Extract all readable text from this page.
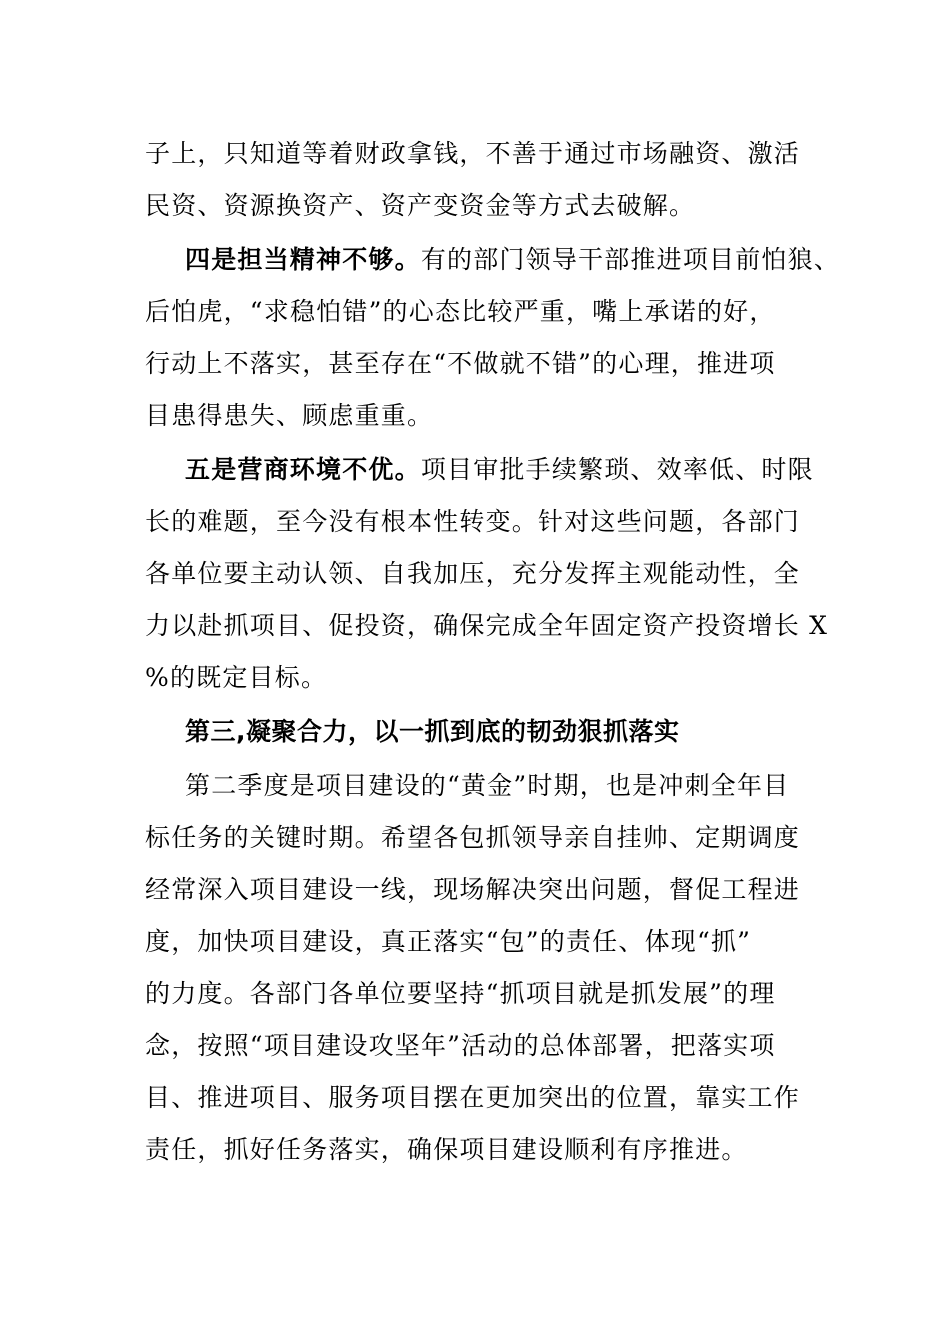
子上，只知道等着财政拿钱，不善于通过市场融资、激活
民资、资源换资产、资产变资金等方式去破解。
四是担当精神不够。有的部门领导干部推进项目前怕狼、
后怕虎，“求稳怕错”的心态比较严重，嘴上承诺的好，
行动上不落实，甚至存在“不做就不错”的心理，推进项
目患得患失、顾虑重重。
五是营商环境不优。项目审批手续繁琐、效率低、时限
长的难题，至今没有根本性转变。针对这些问题，各部门
各单位要主动认领、自我加压，充分发挥主观能动性，全
力以赴抓项目、促投资，确保完成全年固定资产投资增长 X
%的既定目标。
第三,凝聚合力，以一抓到底的韧劲狠抓落实
第二季度是项目建设的“黄金”时期，也是冲刺全年目
标任务的关键时期。希望各包抓领导亲自挂帅、定期调度
经常深入项目建设一线，现场解决突出问题，督促工程进
度，加快项目建设，真正落实“包”的责任、体现“抓”
的力度。各部门各单位要坚持“抓项目就是抓发展”的理
念，按照“项目建设攻坚年”活动的总体部署，把落实项
目、推进项目、服务项目摆在更加突出的位置，靠实工作
责任，抓好任务落实，确保项目建设顺利有序推进。
